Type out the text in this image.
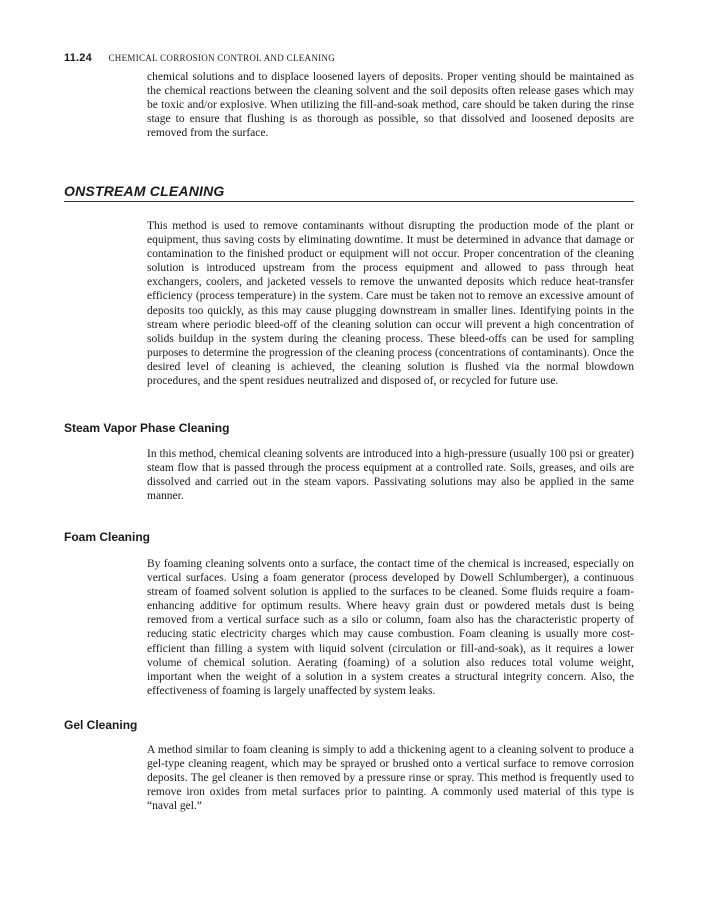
11.24 CHEMICAL CORROSION CONTROL AND CLEANING

chemical solutions and to displace loosened layers of deposits. Proper venting should be maintained as the chemical reactions between the cleaning solvent and the soil deposits often release gases which may be toxic and/or explosive. When utilizing the fill-and-soak method, care should be taken during the rinse stage to ensure that flushing is as thorough as possible, so that dissolved and loosened deposits are removed from the surface.

ONSTREAM CLEANING

This method is used to remove contaminants without disrupting the production mode of the plant or equipment, thus saving costs by eliminating downtime. It must be determined in advance that damage or contamination to the finished product or equipment will not occur. Proper concentration of the cleaning solution is introduced upstream from the process equipment and allowed to pass through heat exchangers, coolers, and jacketed vessels to remove the unwanted deposits which reduce heat-transfer efficiency (process temperature) in the system. Care must be taken not to remove an excessive amount of deposits too quickly, as this may cause plugging downstream in smaller lines. Identifying points in the stream where periodic bleed-off of the cleaning solution can occur will prevent a high concentration of solids buildup in the system during the cleaning process. These bleed-offs can be used for sampling purposes to determine the progression of the cleaning process (concentrations of contaminants). Once the desired level of cleaning is achieved, the cleaning solution is flushed via the normal blowdown procedures, and the spent residues neutralized and disposed of, or recycled for future use.

Steam Vapor Phase Cleaning

In this method, chemical cleaning solvents are introduced into a high-pressure (usually 100 psi or greater) steam flow that is passed through the process equipment at a controlled rate. Soils, greases, and oils are dissolved and carried out in the steam vapors. Passivating solutions may also be applied in the same manner.

Foam Cleaning

By foaming cleaning solvents onto a surface, the contact time of the chemical is increased, especially on vertical surfaces. Using a foam generator (process developed by Dowell Schlumberger), a continuous stream of foamed solvent solution is applied to the surfaces to be cleaned. Some fluids require a foam-enhancing additive for optimum results. Where heavy grain dust or powdered metals dust is being removed from a vertical surface such as a silo or column, foam also has the characteristic property of reducing static electricity charges which may cause combustion. Foam cleaning is usually more cost-efficient than filling a system with liquid solvent (circulation or fill-and-soak), as it requires a lower volume of chemical solution. Aerating (foaming) of a solution also reduces total volume weight, important when the weight of a solution in a system creates a structural integrity concern. Also, the effectiveness of foaming is largely unaffected by system leaks.

Gel Cleaning

A method similar to foam cleaning is simply to add a thickening agent to a cleaning solvent to produce a gel-type cleaning reagent, which may be sprayed or brushed onto a vertical surface to remove corrosion deposits. The gel cleaner is then removed by a pressure rinse or spray. This method is frequently used to remove iron oxides from metal surfaces prior to painting. A commonly used material of this type is “naval gel.”
